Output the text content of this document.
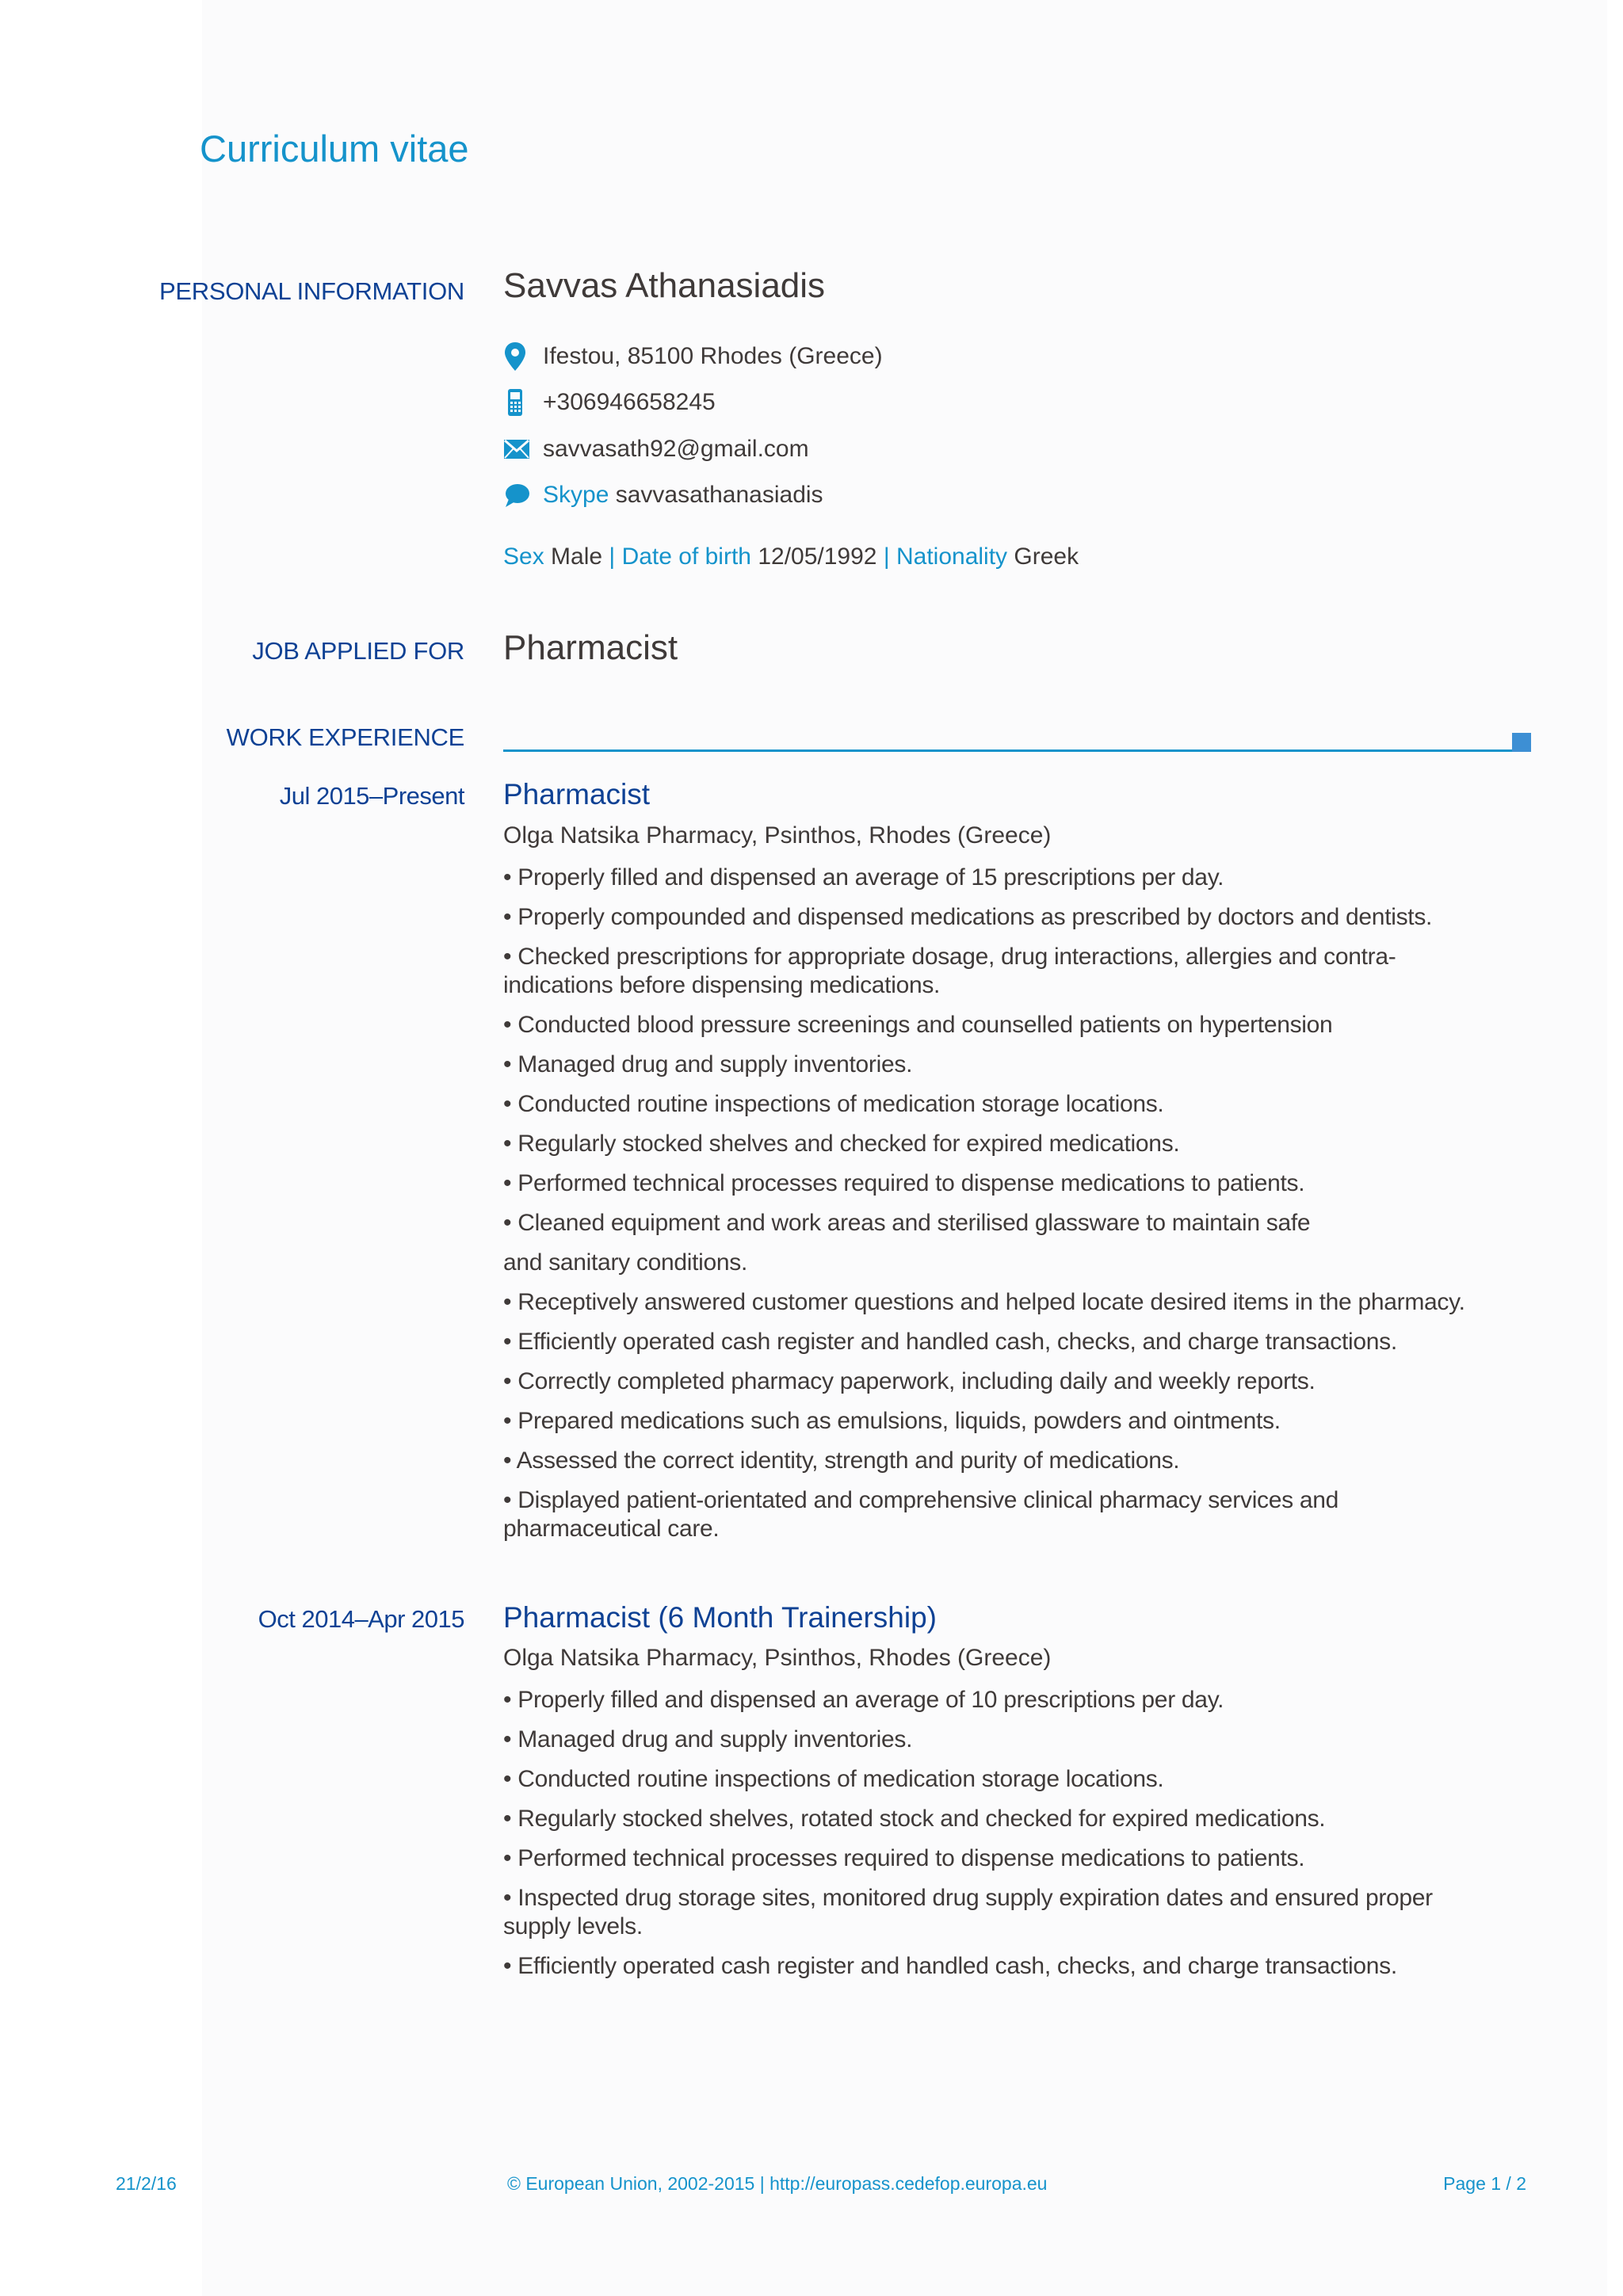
Curriculum vitae
PERSONAL INFORMATION Savvas Athanasiadis
Ifestou, 85100 Rhodes (Greece)
+306946658245
savvasath92@gmail.com
Skype
savvasathanasiadis
Sex Male | Date of birth 12/05/1992 | Nationality Greek
JOB APPLIED FOR Pharmacist
WORK EXPERIENCE
Jul 2015–Present Pharmacist
Olga Natsika Pharmacy, Psinthos, Rhodes (Greece)
• Properly filled and dispensed an average of 15 prescriptions per day.
• Properly compounded and dispensed medications as prescribed by doctors and dentists.
• Checked prescriptions for appropriate dosage, drug interactions, allergies and contra-indications before dispensing medications.
• Conducted blood pressure screenings and counselled patients on hypertension
• Managed drug and supply inventories.
• Conducted routine inspections of medication storage locations.
• Regularly stocked shelves and checked for expired medications.
• Performed technical processes required to dispense medications to patients.
• Cleaned equipment and work areas and sterilised glassware to maintain safe
and sanitary conditions.
• Receptively answered customer questions and helped locate desired items in the pharmacy.
• Efficiently operated cash register and handled cash, checks, and charge transactions.
• Correctly completed pharmacy paperwork, including daily and weekly reports.
• Prepared medications such as emulsions, liquids, powders and ointments.
• Assessed the correct identity, strength and purity of medications.
• Displayed patient-orientated and comprehensive clinical pharmacy services and pharmaceutical care.
Oct 2014–Apr 2015 Pharmacist (6 Month Trainership)
Olga Natsika Pharmacy, Psinthos, Rhodes (Greece)
• Properly filled and dispensed an average of 10 prescriptions per day.
• Managed drug and supply inventories.
• Conducted routine inspections of medication storage locations.
• Regularly stocked shelves, rotated stock and checked for expired medications.
• Performed technical processes required to dispense medications to patients.
• Inspected drug storage sites, monitored drug supply expiration dates and ensured proper supply levels.
• Efficiently operated cash register and handled cash, checks, and charge transactions.
21/2/16	© European Union, 2002-2015 | http://europass.cedefop.europa.eu	Page 1 / 2
